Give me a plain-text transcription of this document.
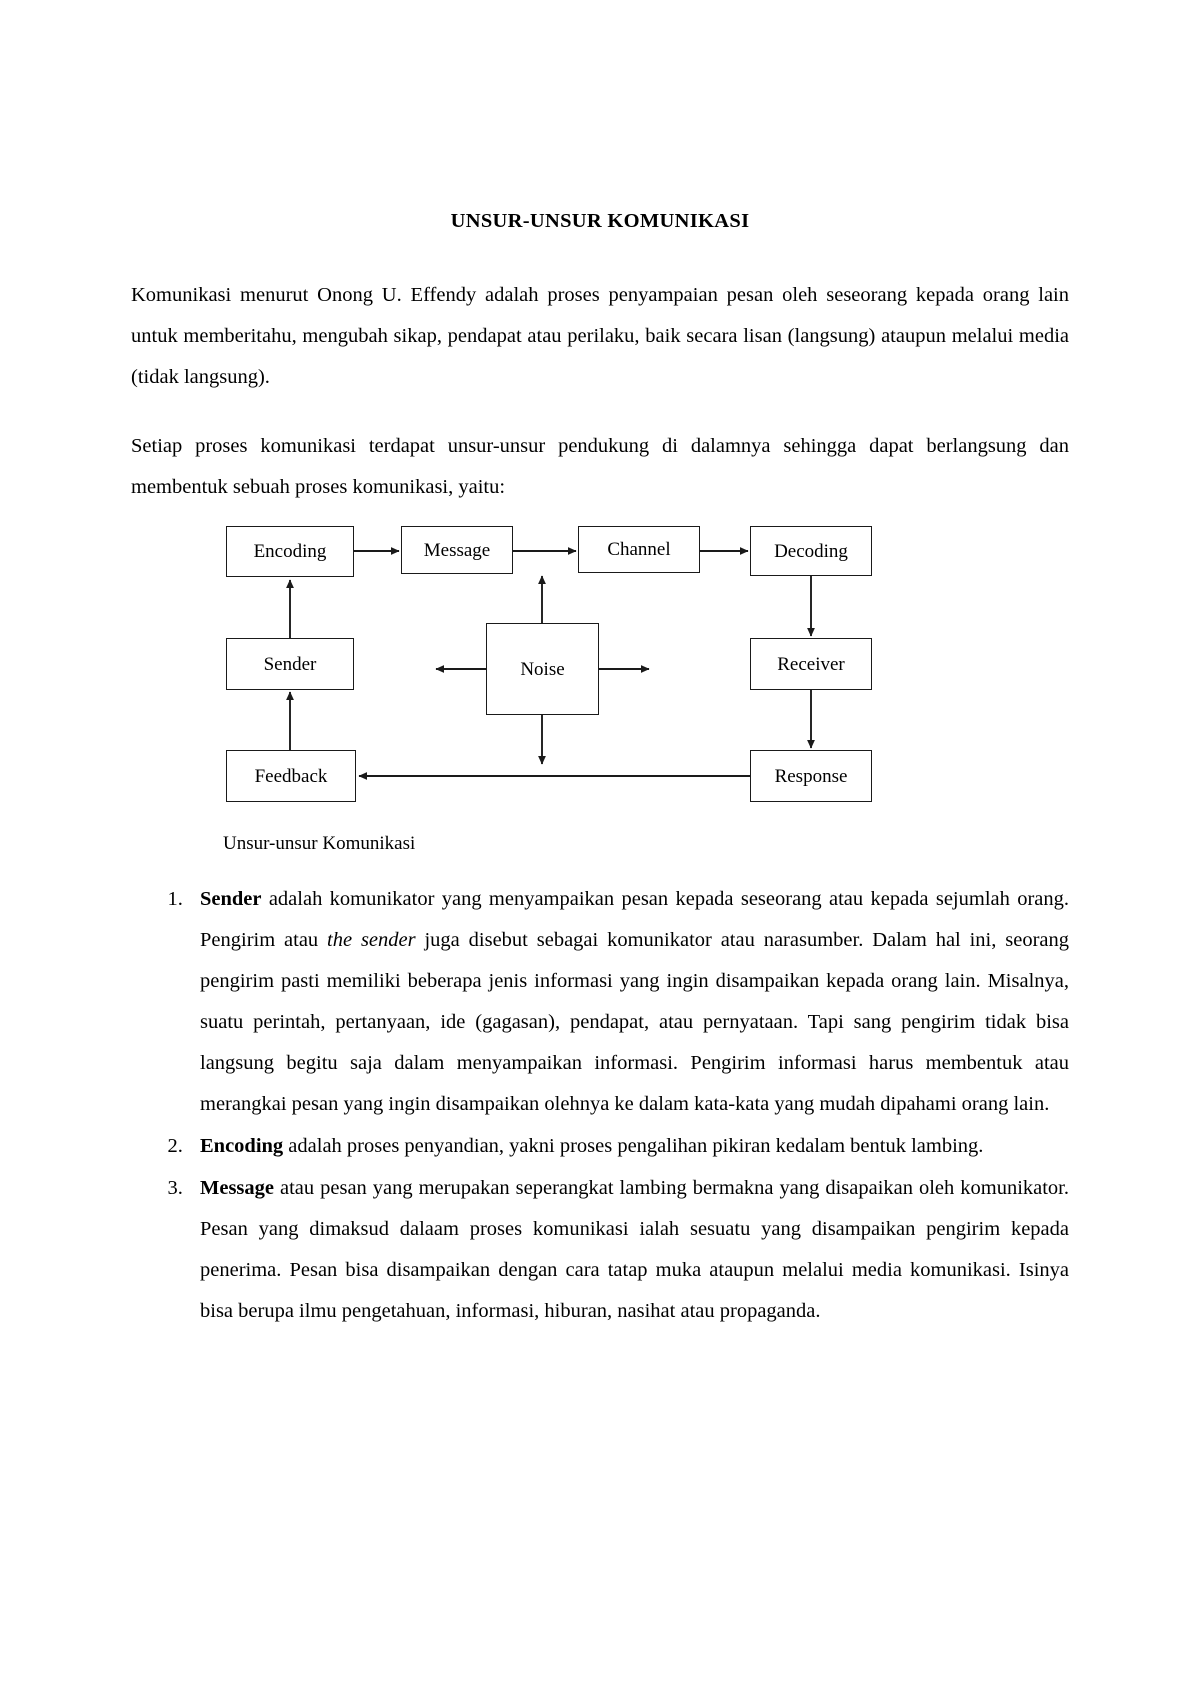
UNSUR-UNSUR KOMUNIKASI

Komunikasi menurut Onong U. Effendy adalah proses penyampaian pesan oleh seseorang kepada orang lain untuk memberitahu, mengubah sikap, pendapat atau perilaku, baik secara lisan (langsung) ataupun melalui media (tidak langsung).

Setiap proses komunikasi terdapat unsur-unsur pendukung di dalamnya sehingga dapat berlangsung dan membentuk sebuah proses komunikasi, yaitu:

Encoding	Message	Channel	Decoding
Sender	Noise	Receiver
Feedback	Response
Unsur-unsur Komunikasi
1. Sender adalah komunikator yang menyampaikan pesan kepada seseorang atau kepada sejumlah orang. Pengirim atau the sender juga disebut sebagai komunikator atau narasumber. Dalam hal ini, seorang pengirim pasti memiliki beberapa jenis informasi yang ingin disampaikan kepada orang lain. Misalnya, suatu perintah, pertanyaan, ide (gagasan), pendapat, atau pernyataan. Tapi sang pengirim tidak bisa langsung begitu saja dalam menyampaikan informasi. Pengirim informasi harus membentuk atau merangkai pesan yang ingin disampaikan olehnya ke dalam kata-kata yang mudah dipahami orang lain.
2. Encoding adalah proses penyandian, yakni proses pengalihan pikiran kedalam bentuk lambing.
3. Message atau pesan yang merupakan seperangkat lambing bermakna yang disapaikan oleh komunikator. Pesan yang dimaksud dalaam proses komunikasi ialah sesuatu yang disampaikan pengirim kepada penerima. Pesan bisa disampaikan dengan cara tatap muka ataupun melalui media komunikasi. Isinya bisa berupa ilmu pengetahuan, informasi, hiburan, nasihat atau propaganda.
